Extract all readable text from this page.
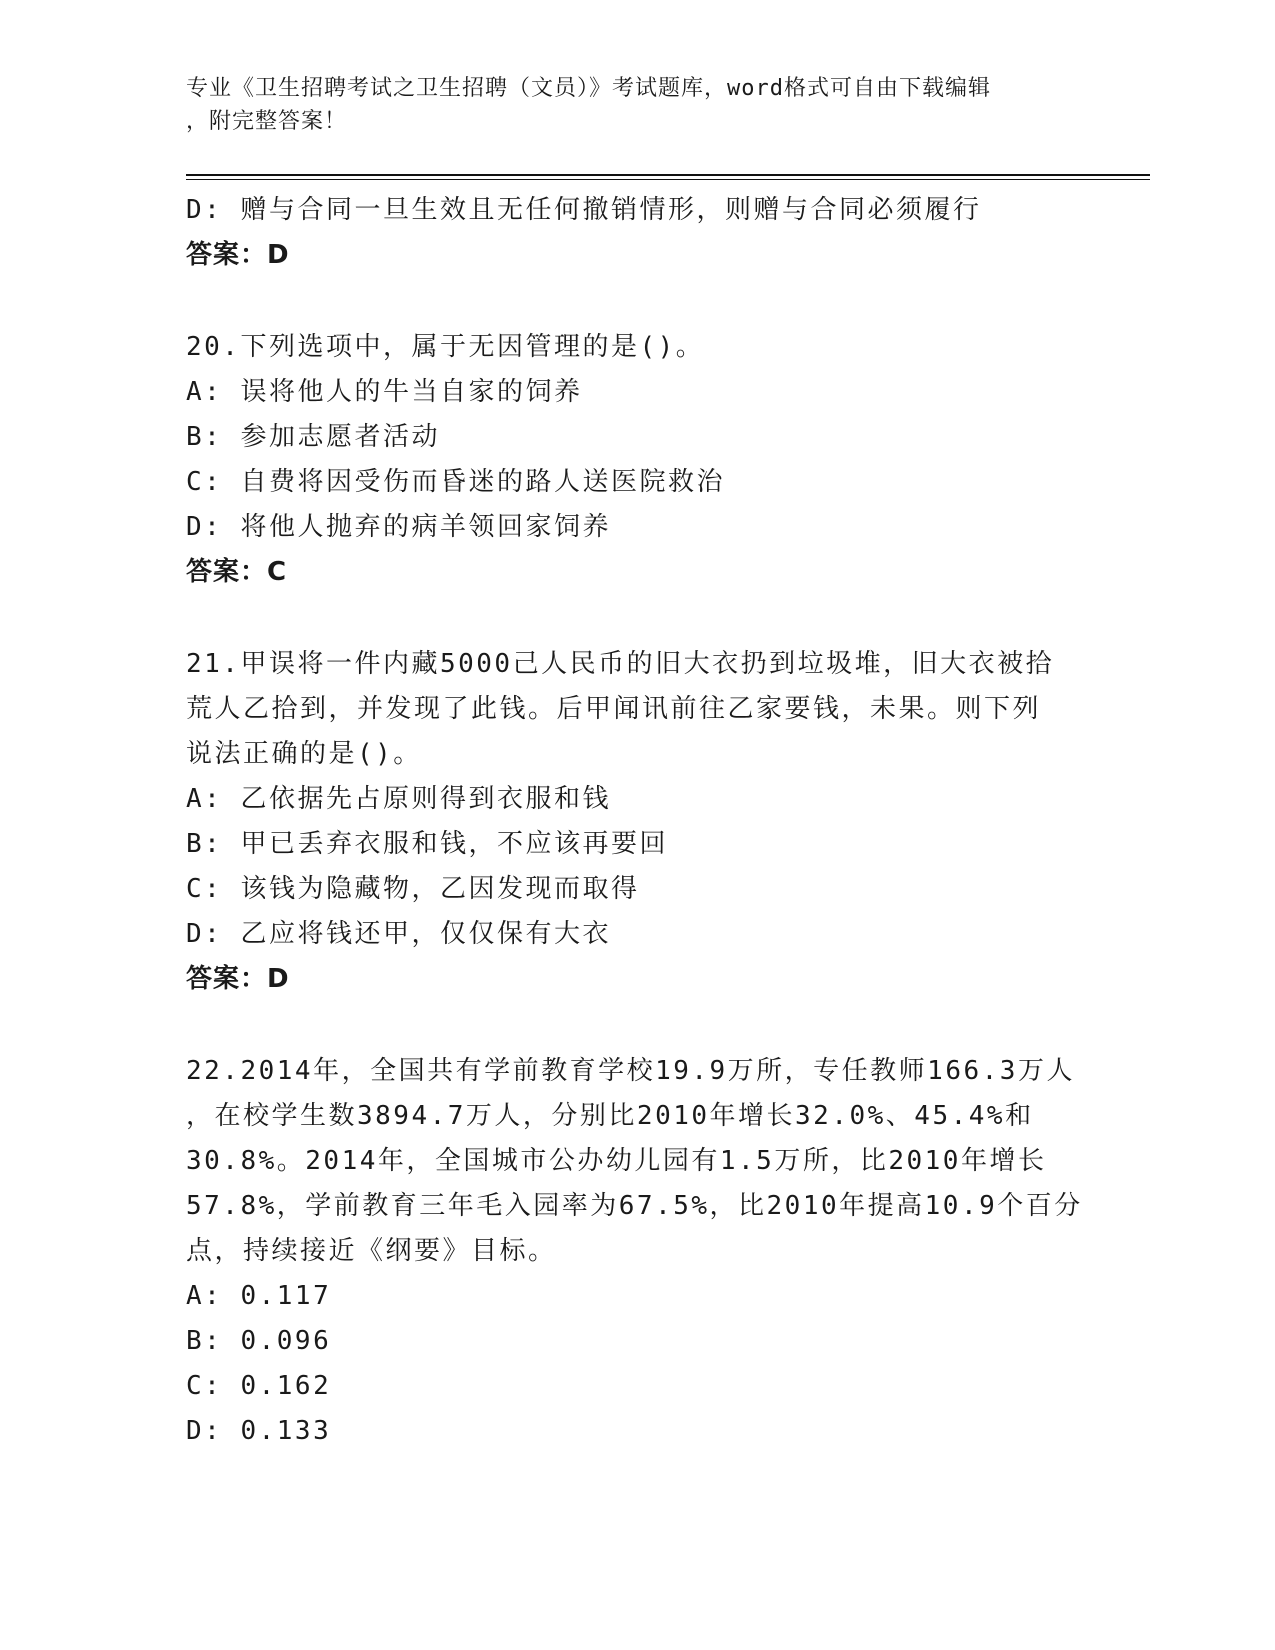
专业《卫生招聘考试之卫生招聘（文员）》考试题库，word格式可自由下载编辑
，附完整答案！
D: 赠与合同一旦生效且无任何撤销情形，则赠与合同必须履行
答案：D
20.下列选项中，属于无因管理的是()。
A: 误将他人的牛当自家的饲养
B: 参加志愿者活动
C: 自费将因受伤而昏迷的路人送医院救治
D: 将他人抛弃的病羊领回家饲养
答案：C
21.甲误将一件内藏5000己人民币的旧大衣扔到垃圾堆，旧大衣被拾
荒人乙拾到，并发现了此钱。后甲闻讯前往乙家要钱，未果。则下列
说法正确的是()。
A: 乙依据先占原则得到衣服和钱
B: 甲已丢弃衣服和钱，不应该再要回
C: 该钱为隐藏物，乙因发现而取得
D: 乙应将钱还甲，仅仅保有大衣
答案：D
22.2014年，全国共有学前教育学校19.9万所，专任教师166.3万人
，在校学生数3894.7万人，分别比2010年增长32.0%、45.4%和
30.8%。2014年，全国城市公办幼儿园有1.5万所，比2010年增长
57.8%，学前教育三年毛入园率为67.5%，比2010年提高10.9个百分
点，持续接近《纲要》目标。
A: 0.117
B: 0.096
C: 0.162
D: 0.133
